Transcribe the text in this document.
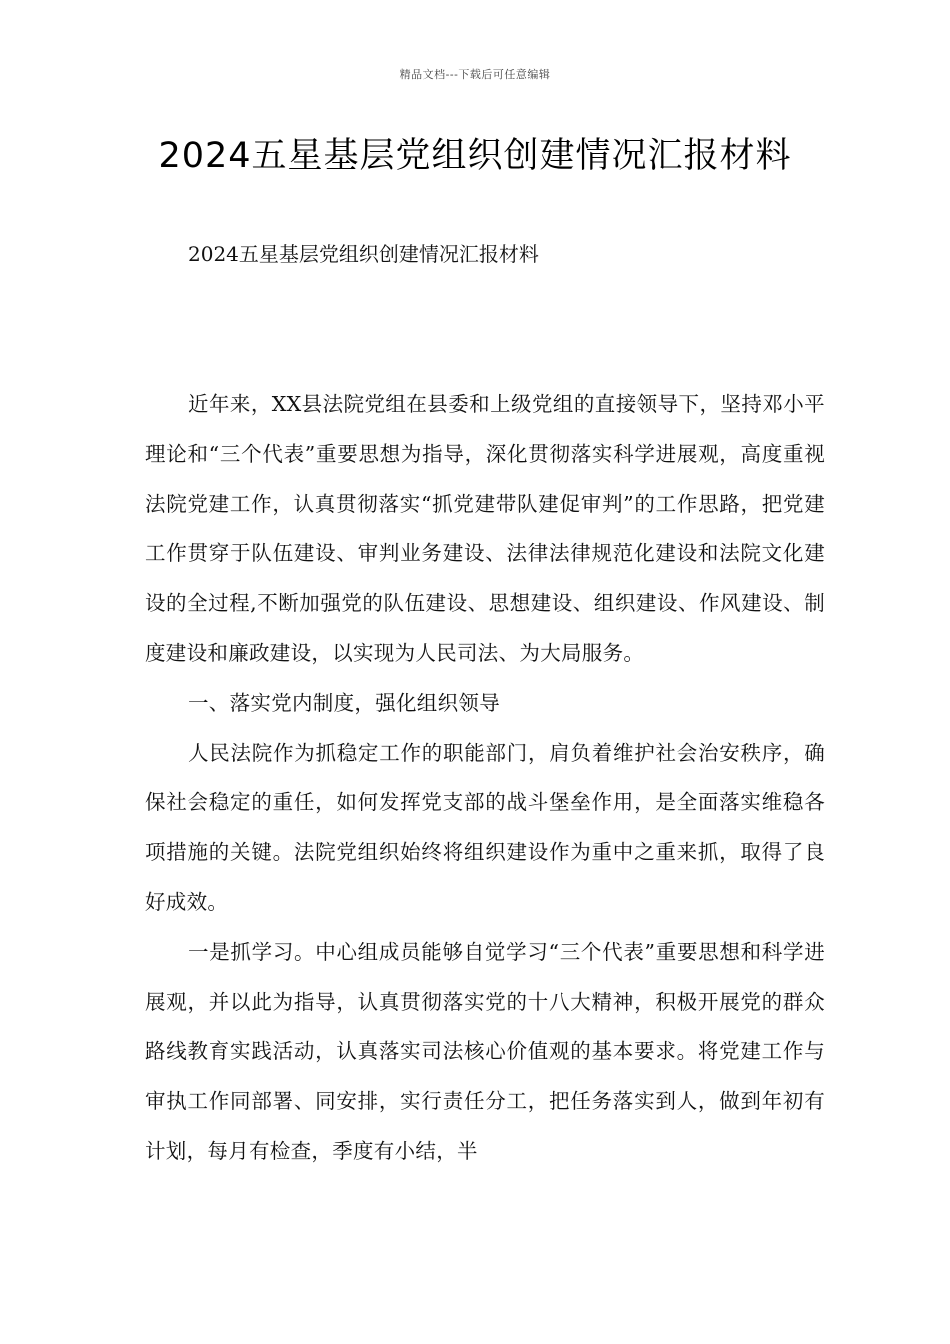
精品文档---下载后可任意编辑
2024五星基层党组织创建情况汇报材料
2024五星基层党组织创建情况汇报材料

近年来，XX县法院党组在县委和上级党组的直接领导下，坚持邓小平理论和“三个代表”重要思想为指导，深化贯彻落实科学进展观，高度重视法院党建工作，认真贯彻落实“抓党建带队建促审判”的工作思路，把党建工作贯穿于队伍建设、审判业务建设、法律法律规范化建设和法院文化建设的全过程,不断加强党的队伍建设、思想建设、组织建设、作风建设、制度建设和廉政建设，以实现为人民司法、为大局服务。

一、落实党内制度，强化组织领导

人民法院作为抓稳定工作的职能部门，肩负着维护社会治安秩序，确保社会稳定的重任，如何发挥党支部的战斗堡垒作用，是全面落实维稳各项措施的关键。法院党组织始终将组织建设作为重中之重来抓，取得了良好成效。

一是抓学习。中心组成员能够自觉学习“三个代表”重要思想和科学进展观，并以此为指导，认真贯彻落实党的十八大精神，积极开展党的群众路线教育实践活动，认真落实司法核心价值观的基本要求。将党建工作与审执工作同部署、同安排，实行责任分工，把任务落实到人，做到年初有计划，每月有检查，季度有小结，半
